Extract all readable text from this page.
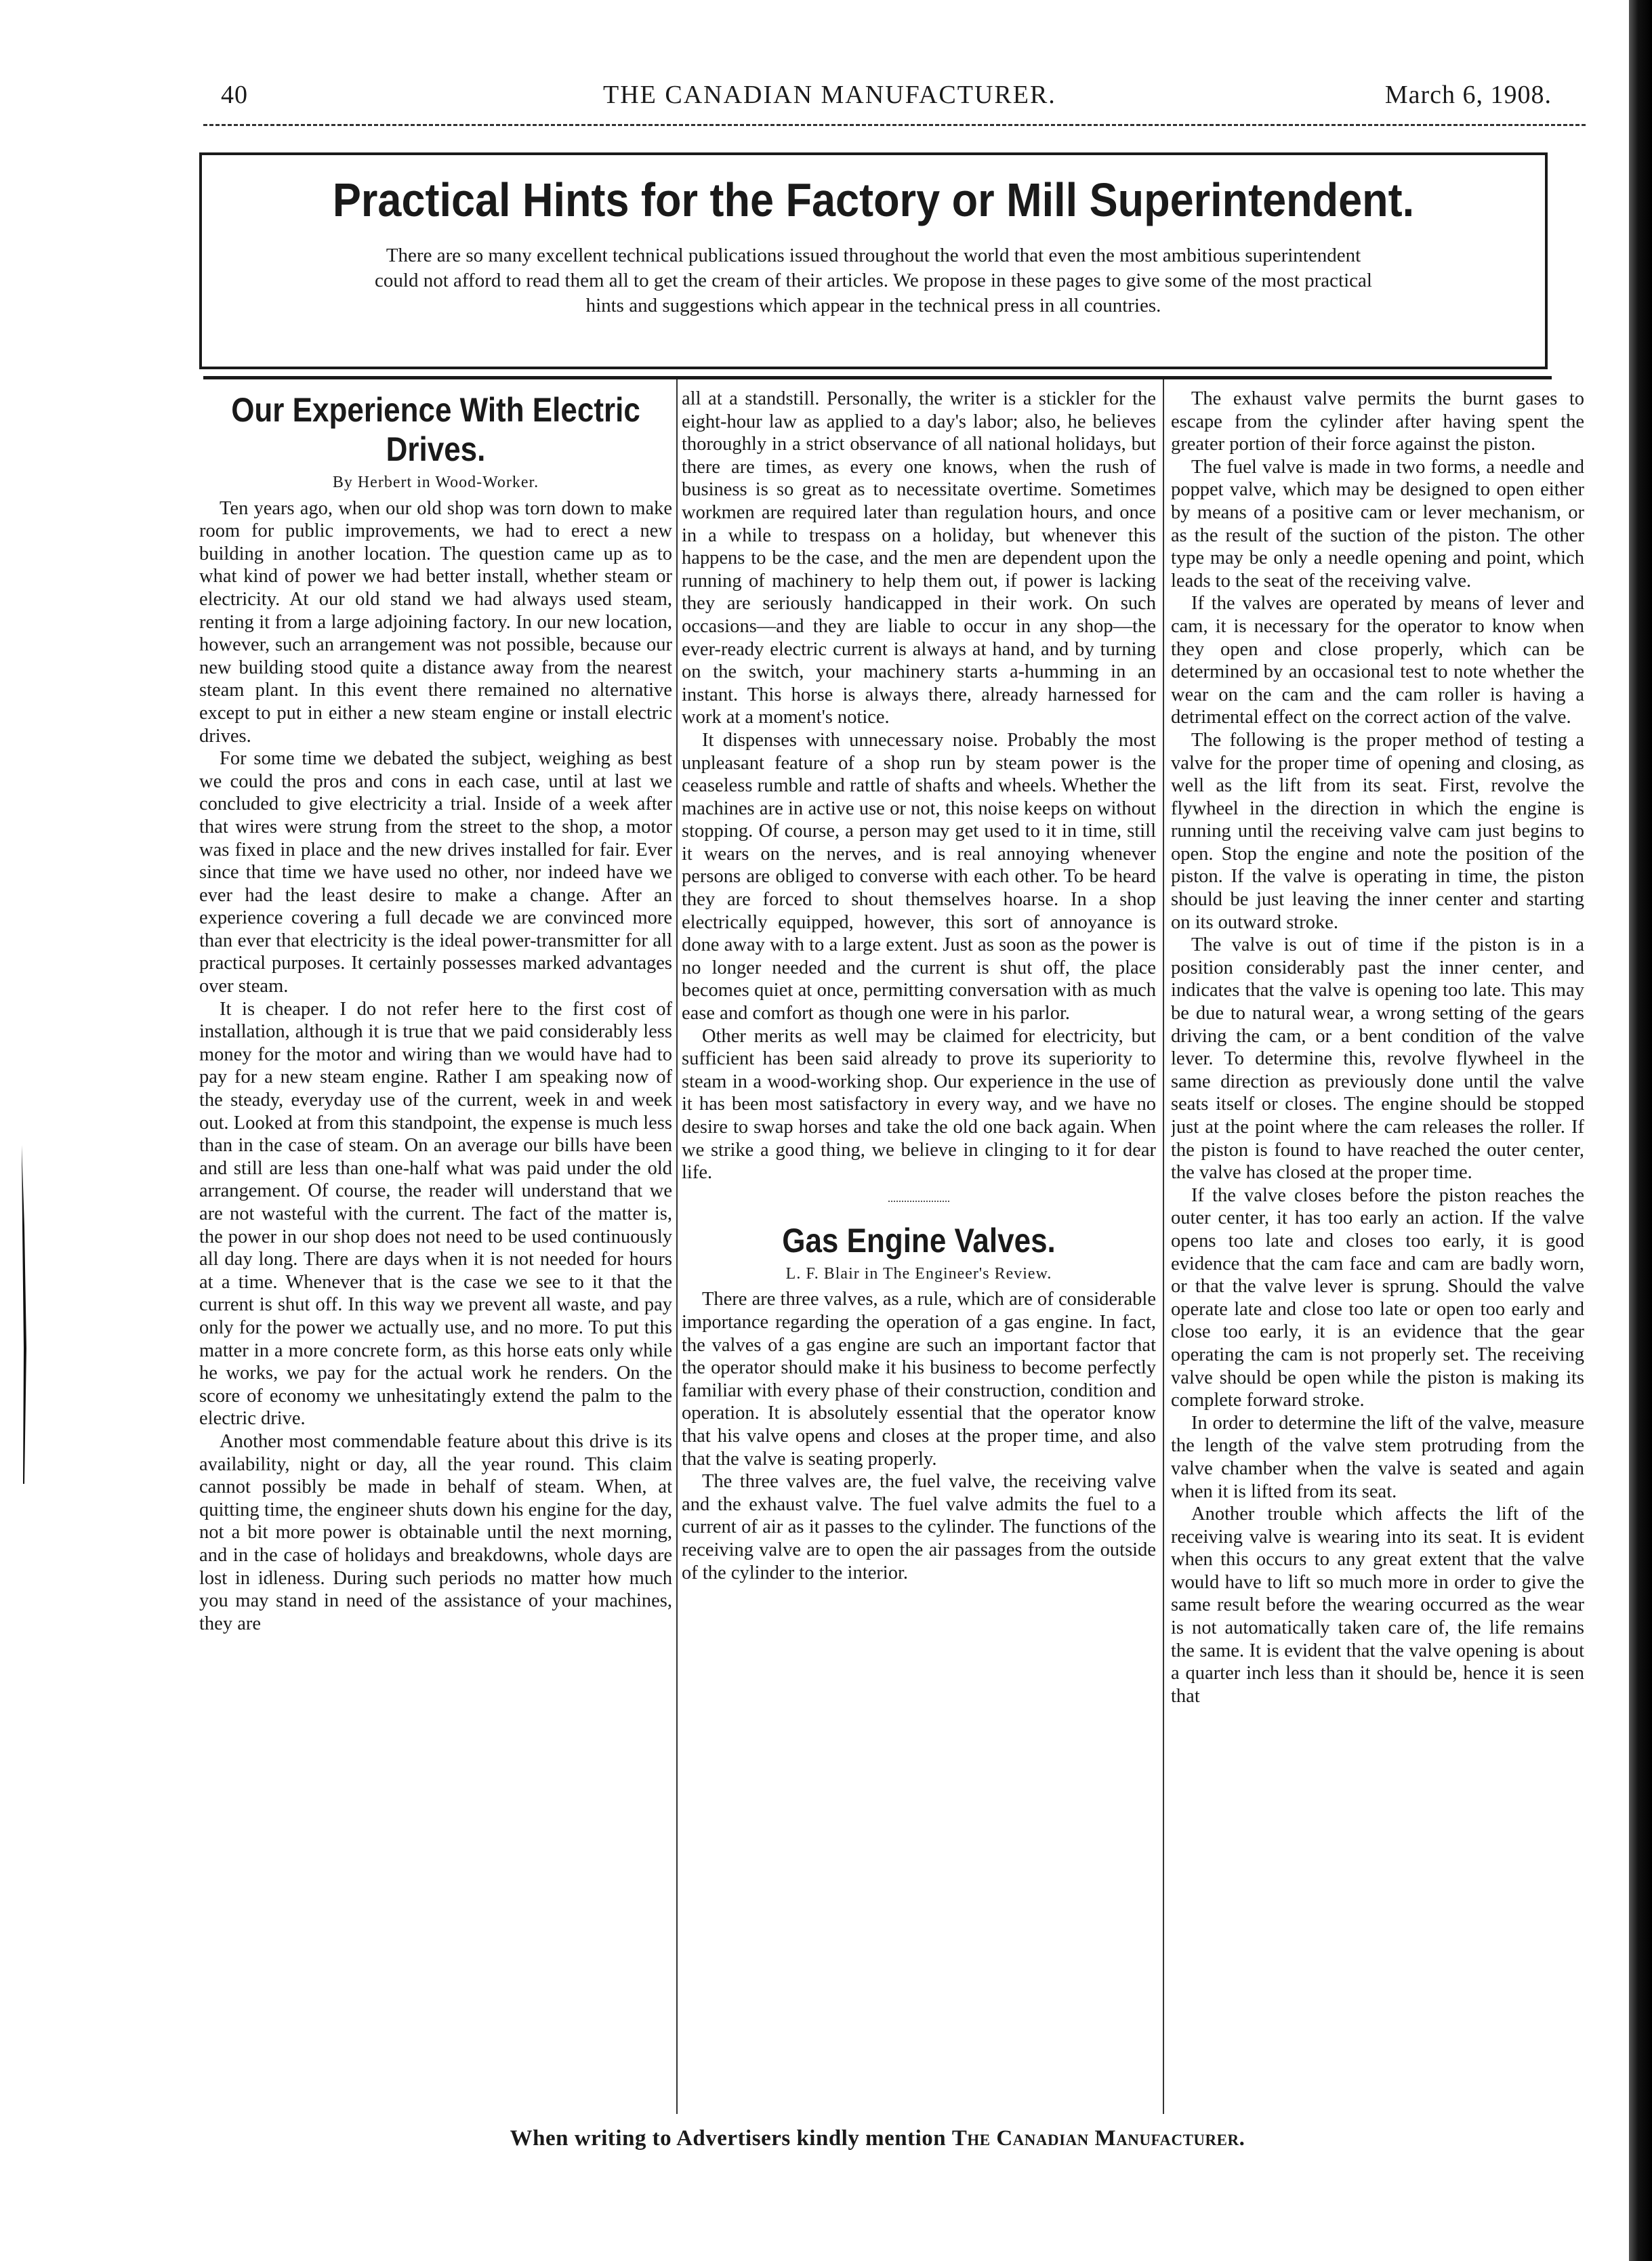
40	THE CANADIAN MANUFACTURER.	March 6, 1908.
Practical Hints for the Factory or Mill Superintendent.
There are so many excellent technical publications issued throughout the world that even the most ambitious superintendent could not afford to read them all to get the cream of their articles. We propose in these pages to give some of the most practical hints and suggestions which appear in the technical press in all countries.
Our Experience With Electric Drives.
By Herbert in Wood-Worker.

Ten years ago, when our old shop was torn down to make room for public improvements, we had to erect a new building in another location. The question came up as to what kind of power we had better install, whether steam or electricity. At our old stand we had always used steam, renting it from a large adjoining factory. In our new location, however, such an arrangement was not possible, because our new building stood quite a distance away from the nearest steam plant. In this event there remained no alternative except to put in either a new steam engine or install electric drives.

For some time we debated the subject, weighing as best we could the pros and cons in each case, until at last we concluded to give electricity a trial. Inside of a week after that wires were strung from the street to the shop, a motor was fixed in place and the new drives installed for fair. Ever since that time we have used no other, nor indeed have we ever had the least desire to make a change. After an experience covering a full decade we are convinced more than ever that electricity is the ideal power-transmitter for all practical purposes. It certainly possesses marked advantages over steam.

It is cheaper. I do not refer here to the first cost of installation, although it is true that we paid considerably less money for the motor and wiring than we would have had to pay for a new steam engine. Rather I am speaking now of the steady, everyday use of the current, week in and week out. Looked at from this standpoint, the expense is much less than in the case of steam. On an average our bills have been and still are less than one-half what was paid under the old arrangement. Of course, the reader will understand that we are not wasteful with the current. The fact of the matter is, the power in our shop does not need to be used continuously all day long. There are days when it is not needed for hours at a time. Whenever that is the case we see to it that the current is shut off. In this way we prevent all waste, and pay only for the power we actually use, and no more. To put this matter in a more concrete form, as this horse eats only while he works, we pay for the actual work he renders. On the score of economy we unhesitatingly extend the palm to the electric drive.

Another most commendable feature about this drive is its availability, night or day, all the year round. This claim cannot possibly be made in behalf of steam. When, at quitting time, the engineer shuts down his engine for the day, not a bit more power is obtainable until the next morning, and in the case of holidays and breakdowns, whole days are lost in idleness. During such periods no matter how much you may stand in need of the assistance of your machines, they are

all at a standstill. Personally, the writer is a stickler for the eight-hour law as applied to a day's labor; also, he believes thoroughly in a strict observance of all national holidays, but there are times, as every one knows, when the rush of business is so great as to necessitate overtime. Sometimes workmen are required later than regulation hours, and once in a while to trespass on a holiday, but whenever this happens to be the case, and the men are dependent upon the running of machinery to help them out, if power is lacking they are seriously handicapped in their work. On such occasions—and they are liable to occur in any shop—the ever-ready electric current is always at hand, and by turning on the switch, your machinery starts a-humming in an instant. This horse is always there, already harnessed for work at a moment's notice.

It dispenses with unnecessary noise. Probably the most unpleasant feature of a shop run by steam power is the ceaseless rumble and rattle of shafts and wheels. Whether the machines are in active use or not, this noise keeps on without stopping. Of course, a person may get used to it in time, still it wears on the nerves, and is real annoying whenever persons are obliged to converse with each other. To be heard they are forced to shout themselves hoarse. In a shop electrically equipped, however, this sort of annoyance is done away with to a large extent. Just as soon as the power is no longer needed and the current is shut off, the place becomes quiet at once, permitting conversation with as much ease and comfort as though one were in his parlor.

Other merits as well may be claimed for electricity, but sufficient has been said already to prove its superiority to steam in a wood-working shop. Our experience in the use of it has been most satisfactory in every way, and we have no desire to swap horses and take the old one back again. When we strike a good thing, we believe in clinging to it for dear life.

Gas Engine Valves.
L. F. Blair in The Engineer's Review.

There are three valves, as a rule, which are of considerable importance regarding the operation of a gas engine. In fact, the valves of a gas engine are such an important factor that the operator should make it his business to become perfectly familiar with every phase of their construction, condition and operation. It is absolutely essential that the operator know that his valve opens and closes at the proper time, and also that the valve is seating properly.

The three valves are, the fuel valve, the receiving valve and the exhaust valve. The fuel valve admits the fuel to a current of air as it passes to the cylinder. The functions of the receiving valve are to open the air passages from the outside of the cylinder to the interior.

The exhaust valve permits the burnt gases to escape from the cylinder after having spent the greater portion of their force against the piston.

The fuel valve is made in two forms, a needle and poppet valve, which may be designed to open either by means of a positive cam or lever mechanism, or as the result of the suction of the piston. The other type may be only a needle opening and point, which leads to the seat of the receiving valve.

If the valves are operated by means of lever and cam, it is necessary for the operator to know when they open and close properly, which can be determined by an occasional test to note whether the wear on the cam and the cam roller is having a detrimental effect on the correct action of the valve.

The following is the proper method of testing a valve for the proper time of opening and closing, as well as the lift from its seat. First, revolve the flywheel in the direction in which the engine is running until the receiving valve cam just begins to open. Stop the engine and note the position of the piston. If the valve is operating in time, the piston should be just leaving the inner center and starting on its outward stroke.

The valve is out of time if the piston is in a position considerably past the inner center, and indicates that the valve is opening too late. This may be due to natural wear, a wrong setting of the gears driving the cam, or a bent condition of the valve lever. To determine this, revolve flywheel in the same direction as previously done until the valve seats itself or closes. The engine should be stopped just at the point where the cam releases the roller. If the piston is found to have reached the outer center, the valve has closed at the proper time.

If the valve closes before the piston reaches the outer center, it has too early an action. If the valve opens too late and closes too early, it is good evidence that the cam face and cam are badly worn, or that the valve lever is sprung. Should the valve operate late and close too late or open too early and close too early, it is an evidence that the gear operating the cam is not properly set. The receiving valve should be open while the piston is making its complete forward stroke.

In order to determine the lift of the valve, measure the length of the valve stem protruding from the valve chamber when the valve is seated and again when it is lifted from its seat.

Another trouble which affects the lift of the receiving valve is wearing into its seat. It is evident when this occurs to any great extent that the valve would have to lift so much more in order to give the same result before the wearing occurred as the wear is not automatically taken care of, the life remains the same. It is evident that the valve opening is about a quarter inch less than it should be, hence it is seen that

When writing to Advertisers kindly mention The Canadian Manufacturer.
